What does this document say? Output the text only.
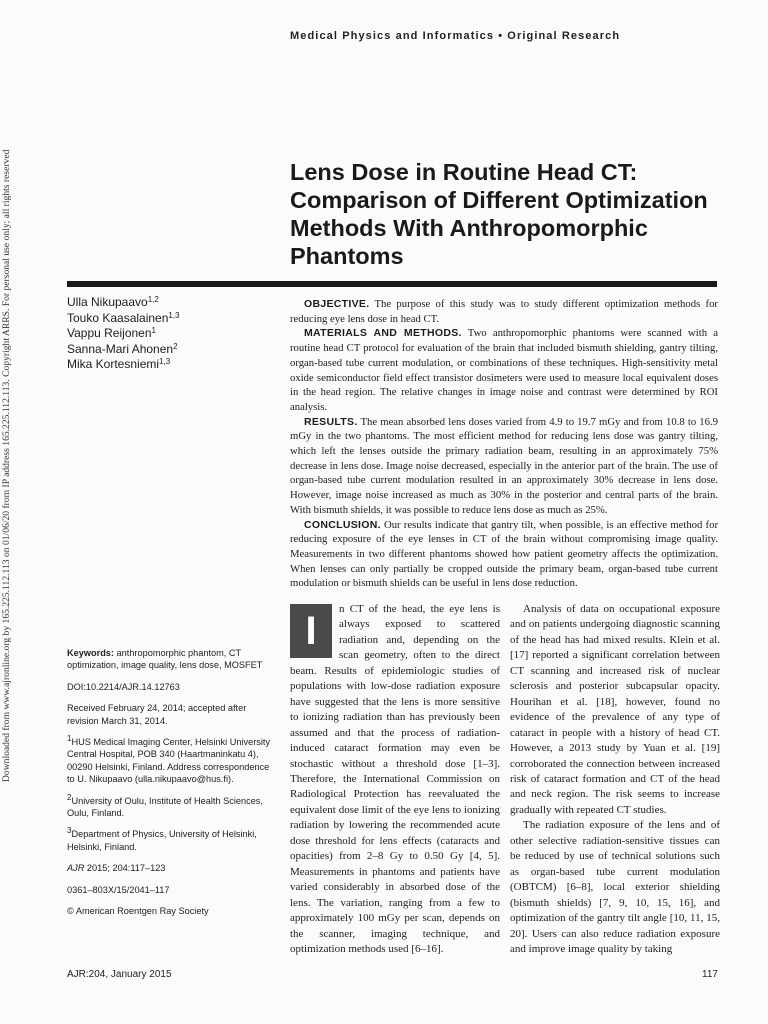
Downloaded from www.ajronline.org by 165.225.112.113 on 01/06/20 from IP address 165.225.112.113. Copyright ARRS. For personal use only; all rights reserved
Medical Physics and Informatics • Original Research
Lens Dose in Routine Head CT: Comparison of Different Optimization Methods With Anthropomorphic Phantoms
Ulla Nikupaavo$^{1,2}$
Touko Kaasalainen$^{1,3}$
Vappu Reijonen$^1$
Sanna-Mari Ahonen$^2$
Mika Kortesniemi$^{1,3}$

OBJECTIVE. The purpose of this study was to study different optimization methods for reducing eye lens dose in head CT.

MATERIALS AND METHODS. Two anthropomorphic phantoms were scanned with a routine head CT protocol for evaluation of the brain that included bismuth shielding, gantry tilting, organ-based tube current modulation, or combinations of these techniques. High-sensitivity metal oxide semiconductor field effect transistor dosimeters were used to measure local equivalent doses in the head region. The relative changes in image noise and contrast were determined by ROI analysis.

RESULTS. The mean absorbed lens doses varied from 4.9 to 19.7 mGy and from 10.8 to 16.9 mGy in the two phantoms. The most efficient method for reducing lens dose was gantry tilting, which left the lenses outside the primary radiation beam, resulting in an approximately 75% decrease in lens dose. Image noise decreased, especially in the anterior part of the brain. The use of organ-based tube current modulation resulted in an approximately 30% decrease in lens dose. However, image noise increased as much as 30% in the posterior and central parts of the brain. With bismuth shields, it was possible to reduce lens dose as much as 25%.

CONCLUSION. Our results indicate that gantry tilt, when possible, is an effective method for reducing exposure of the eye lenses in CT of the brain without compromising image quality. Measurements in two different phantoms showed how patient geometry affects the optimization. When lenses can only partially be cropped outside the primary beam, organ-based tube current modulation or bismuth shields can be useful in lens dose reduction.

Keywords: anthropomorphic phantom, CT optimization, image quality, lens dose, MOSFET

DOI:10.2214/AJR.14.12763

Received February 24, 2014; accepted after revision March 31, 2014.

$^1$HUS Medical Imaging Center, Helsinki University Central Hospital, POB 340 (Haartmaninkatu 4), 00290 Helsinki, Finland. Address correspondence to U. Nikupaavo (ulla.nikupaavo@hus.fi).

$^2$University of Oulu, Institute of Health Sciences, Oulu, Finland.

$^3$Department of Physics, University of Helsinki, Helsinki, Finland.

AJR 2015; 204:117–123

0361–803X/15/2041–117

© American Roentgen Ray Society

I	n CT of the head, the eye lens is always exposed to scattered radiation and, depending on the scan geometry, often to the direct beam. Results of epidemiologic studies of populations with low-dose radiation exposure have suggested that the lens is more sensitive to ionizing radiation than has previously been assumed and that the process of radiation-induced cataract formation may even be stochastic without a threshold dose [1–3]. Therefore, the International Commission on Radiological Protection has reevaluated the equivalent dose limit of the eye lens to ionizing radiation by lowering the recommended acute dose threshold for lens effects (cataracts and opacities) from 2–8 Gy to 0.50 Gy [4, 5]. Measurements in phantoms and patients have varied considerably in absorbed dose of the lens. The variation, ranging from a few to approximately 100 mGy per scan, depends on the scanner, imaging technique, and optimization methods used [6–16].

Analysis of data on occupational exposure and on patients undergoing diagnostic scanning of the head has had mixed results. Klein et al. [17] reported a significant correlation between CT scanning and increased risk of nuclear sclerosis and posterior subcapsular opacity. Hourihan et al. [18], however, found no evidence of the prevalence of any type of cataract in people with a history of head CT. However, a 2013 study by Yuan et al. [19] corroborated the connection between increased risk of cataract formation and CT of the head and neck region. The risk seems to increase gradually with repeated CT studies.

The radiation exposure of the lens and of other selective radiation-sensitive tissues can be reduced by use of technical solutions such as organ-based tube current modulation (OBTCM) [6–8], local exterior shielding (bismuth shields) [7, 9, 10, 15, 16], and optimization of the gantry tilt angle [10, 11, 15, 20]. Users can also reduce radiation exposure and improve image quality by taking

AJR:204, January 2015	117
